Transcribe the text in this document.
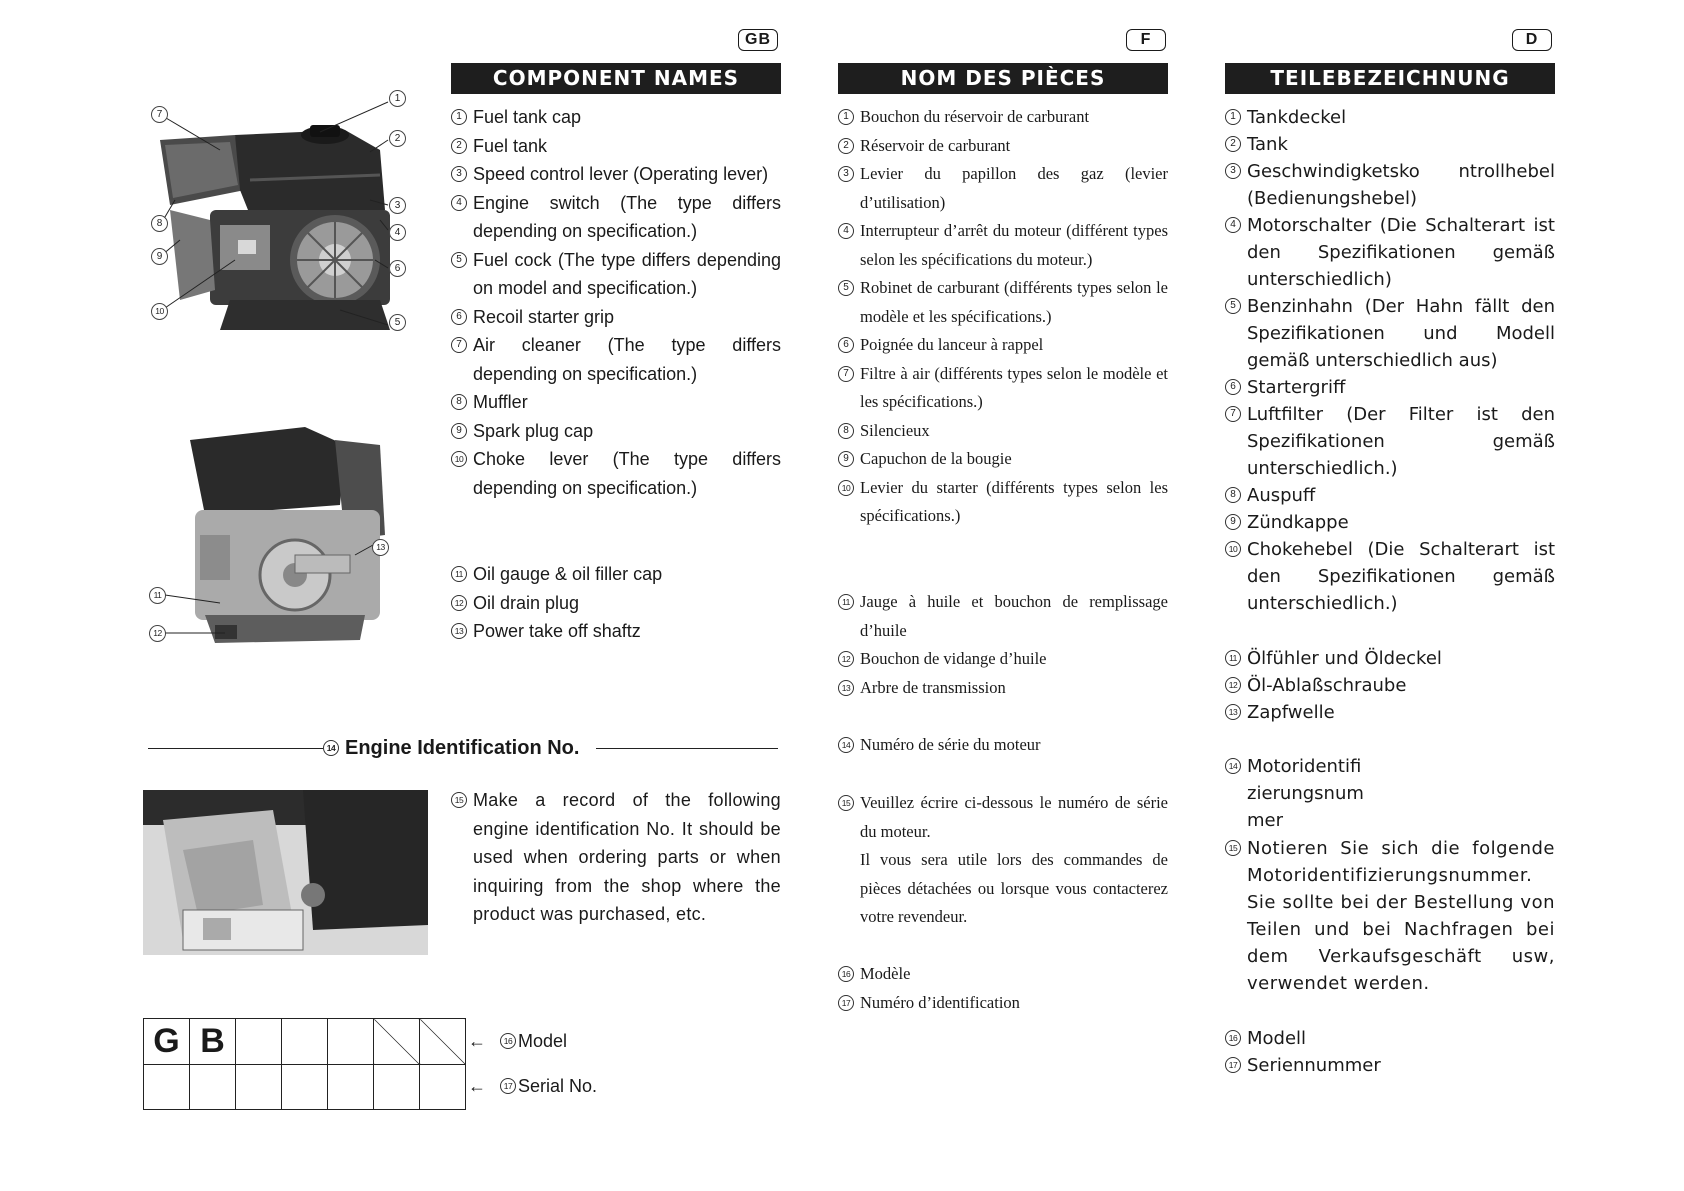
GB	F	D
COMPONENT NAMES	NOM DES PIÈCES	TEILEBEZEICHNUNG
1
2
3
4
5
6
7
8
9
10
13
11
12
1 Fuel tank cap
2 Fuel tank
3 Speed control lever (Operating lever)
4 Engine switch (The type differs depending on specification.)
5 Fuel cock (The type differs depending on model and specification.)
6 Recoil starter grip
7 Air cleaner (The type differs depending on specification.)
8 Muffler
9 Spark plug cap
10 Choke lever (The type differs depending on specification.)
11 Oil gauge & oil filler cap
12 Oil drain plug
13 Power take off shaftz
14 Engine Identification No.
15 Make a record of the following engine identification No. It should be used when ordering parts or when inquiring from the shop where the product was purchased, etc.
G	B					
							←	16 Model
←	17 Serial No.
1 Bouchon du réservoir de carburant
2 Réservoir de carburant
3 Levier du papillon des gaz (levier d’utilisation)
4 Interrupteur d’arrêt du moteur (différent types selon les spécifications du moteur.)
5 Robinet de carburant (différents types selon le modèle et les spécifications.)
6 Poignée du lanceur à rappel
7 Filtre à air (différents types selon le modèle et les spécifications.)
8 Silencieux
9 Capuchon de la bougie
10 Levier du starter (différents types selon les spécifications.)
11 Jauge à huile et bouchon de remplissage d’huile
12 Bouchon de vidange d’huile
13 Arbre de transmission
14 Numéro de série du moteur
15 Veuillez écrire ci-dessous le numéro de série du moteur.
Il vous sera utile lors des commandes de pièces détachées ou lorsque vous contacterez votre revendeur.
16 Modèle
17 Numéro d’identification
1 Tankdeckel
2 Tank
3 Geschwindigketsko ntrollhebel (Bedienungshebel)
4 Motorschalter (Die Schalterart ist den Spezifikationen gemäß unterschiedlich)
5 Benzinhahn (Der Hahn fällt den Spezifikationen und Modell gemäß unterschiedlich aus)
6 Startergriff
7 Luftfilter (Der Filter ist den Spezifikationen gemäß unterschiedlich.)
8 Auspuff
9 Zündkappe
10 Chokehebel (Die Schalterart ist den Spezifikationen gemäß unterschiedlich.)
11 Ölfühler und Öldeckel
12 Öl-Ablaßschraube
13 Zapfwelle
14 Motoridentifizierungsnummer
15 Notieren Sie sich die folgende Motoridentifizierungsnummer. Sie sollte bei der Bestellung von Teilen und bei Nachfragen bei dem Verkaufsgeschäft usw, verwendet werden.
16 Modell
17 Seriennummer
